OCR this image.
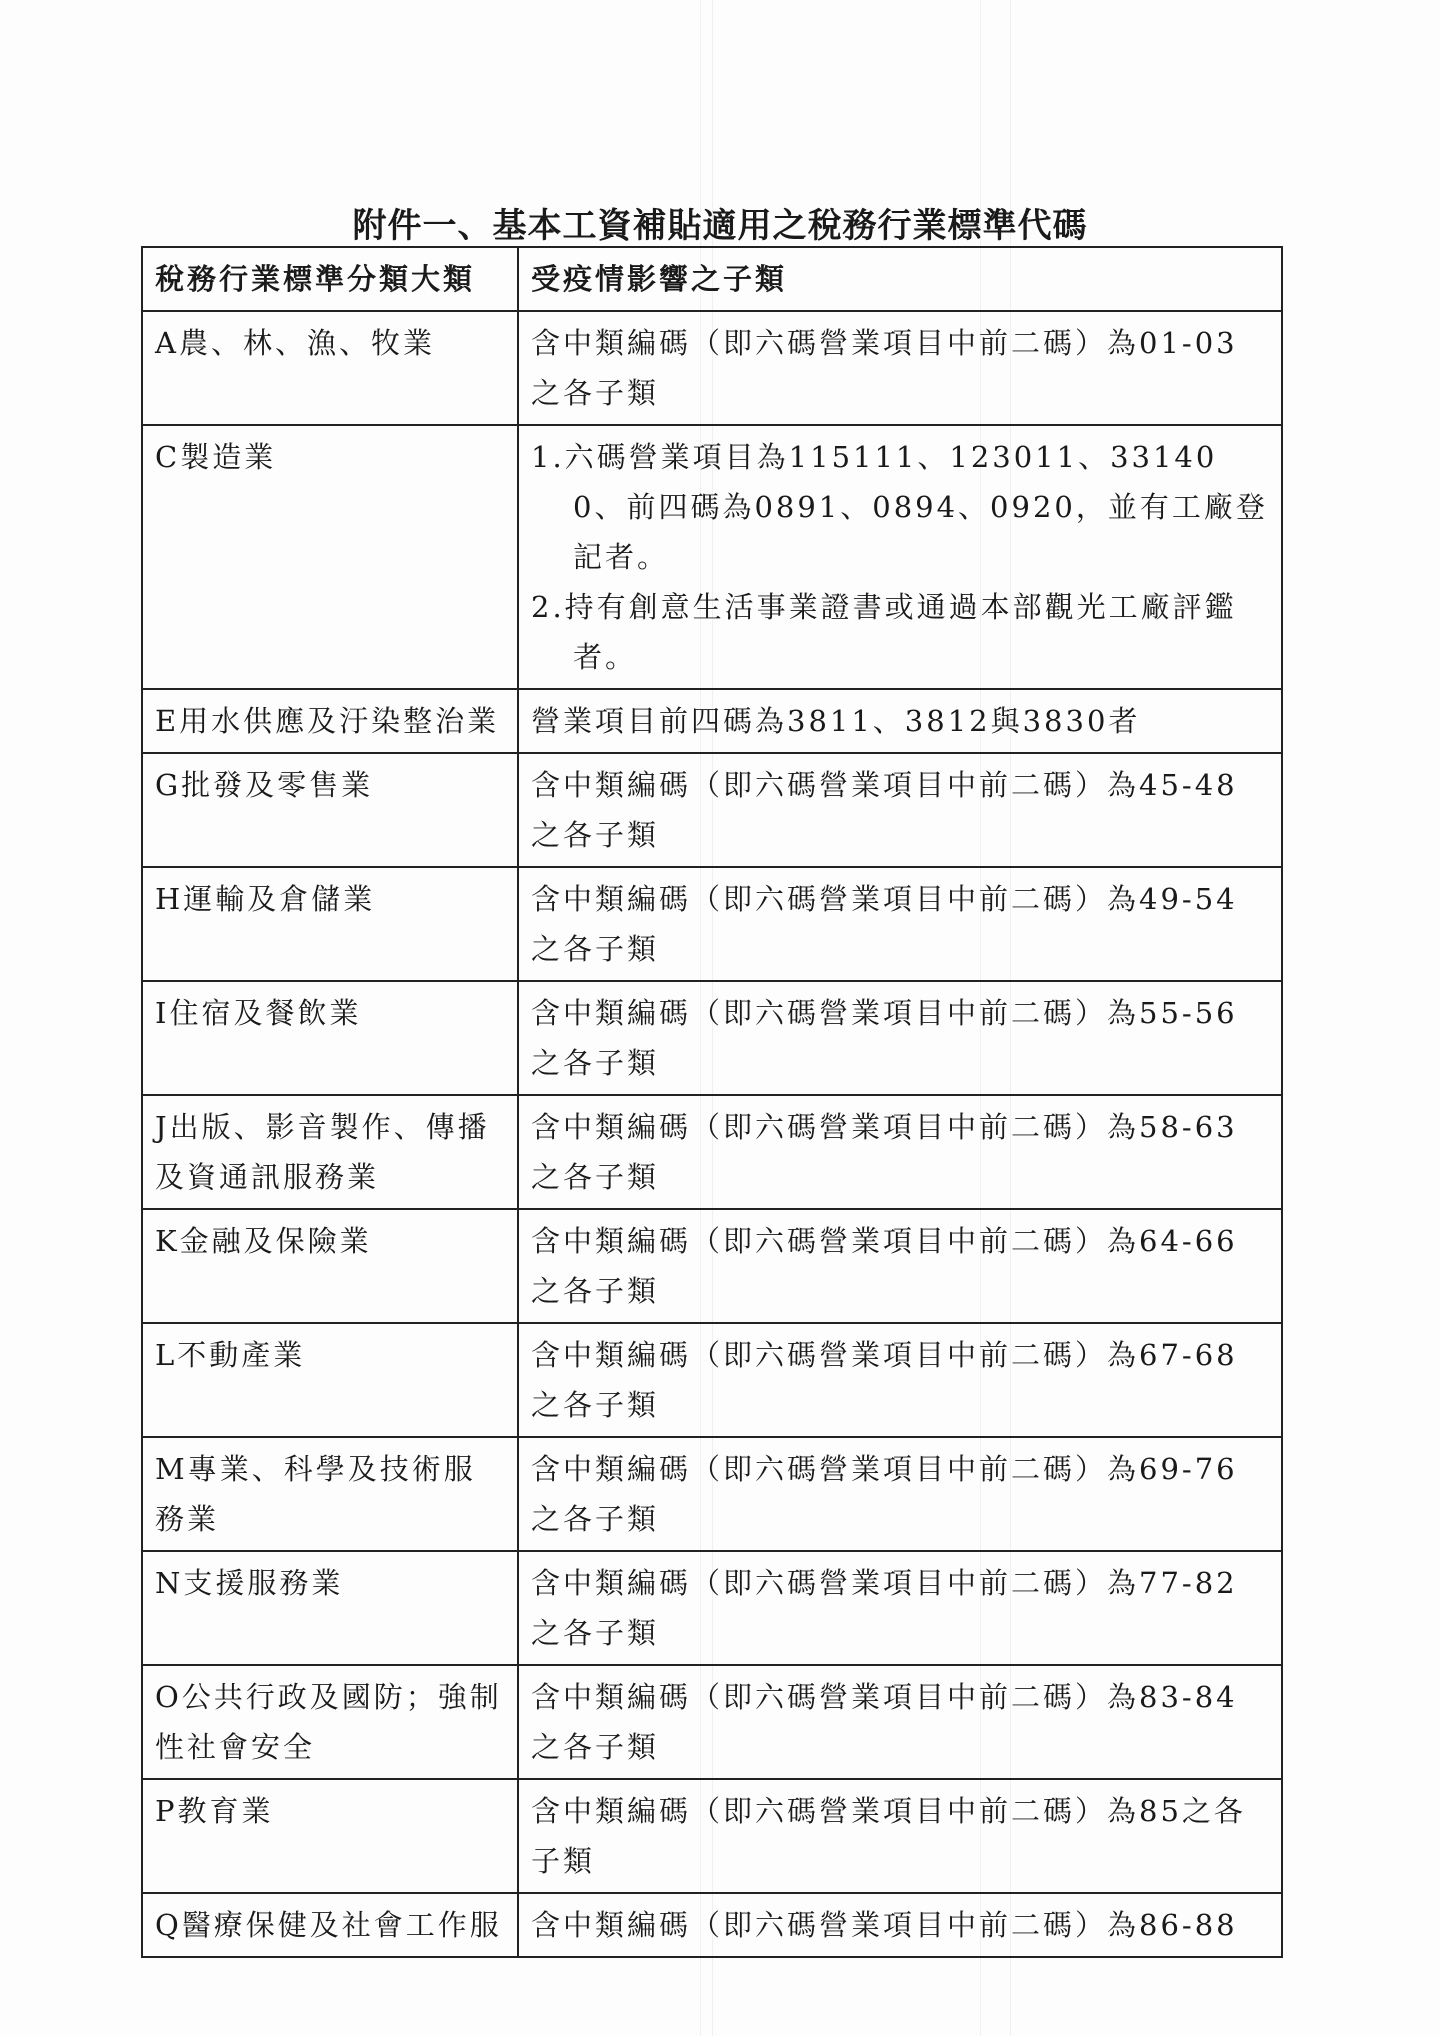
附件一、基本工資補貼適用之稅務行業標準代碼
稅務行業標準分類大類	受疫情影響之子類
A農、林、漁、牧業	含中類編碼（即六碼營業項目中前二碼）為01-03之各子類
C製造業	1.六碼營業項目為115111、123011、331400、前四碼為0891、0894、0920，並有工廠登記者。
2.持有創意生活事業證書或通過本部觀光工廠評鑑者。

E用水供應及汙染整治業	營業項目前四碼為3811、3812與3830者
G批發及零售業	含中類編碼（即六碼營業項目中前二碼）為45-48之各子類
H運輸及倉儲業	含中類編碼（即六碼營業項目中前二碼）為49-54之各子類
I住宿及餐飲業	含中類編碼（即六碼營業項目中前二碼）為55-56之各子類
J出版、影音製作、傳播及資通訊服務業	含中類編碼（即六碼營業項目中前二碼）為58-63之各子類
K金融及保險業	含中類編碼（即六碼營業項目中前二碼）為64-66之各子類
L不動產業	含中類編碼（即六碼營業項目中前二碼）為67-68之各子類
M專業、科學及技術服務業	含中類編碼（即六碼營業項目中前二碼）為69-76之各子類
N支援服務業	含中類編碼（即六碼營業項目中前二碼）為77-82之各子類
O公共行政及國防；強制性社會安全	含中類編碼（即六碼營業項目中前二碼）為83-84之各子類
P教育業	含中類編碼（即六碼營業項目中前二碼）為85之各子類
Q醫療保健及社會工作服	含中類編碼（即六碼營業項目中前二碼）為86-88
